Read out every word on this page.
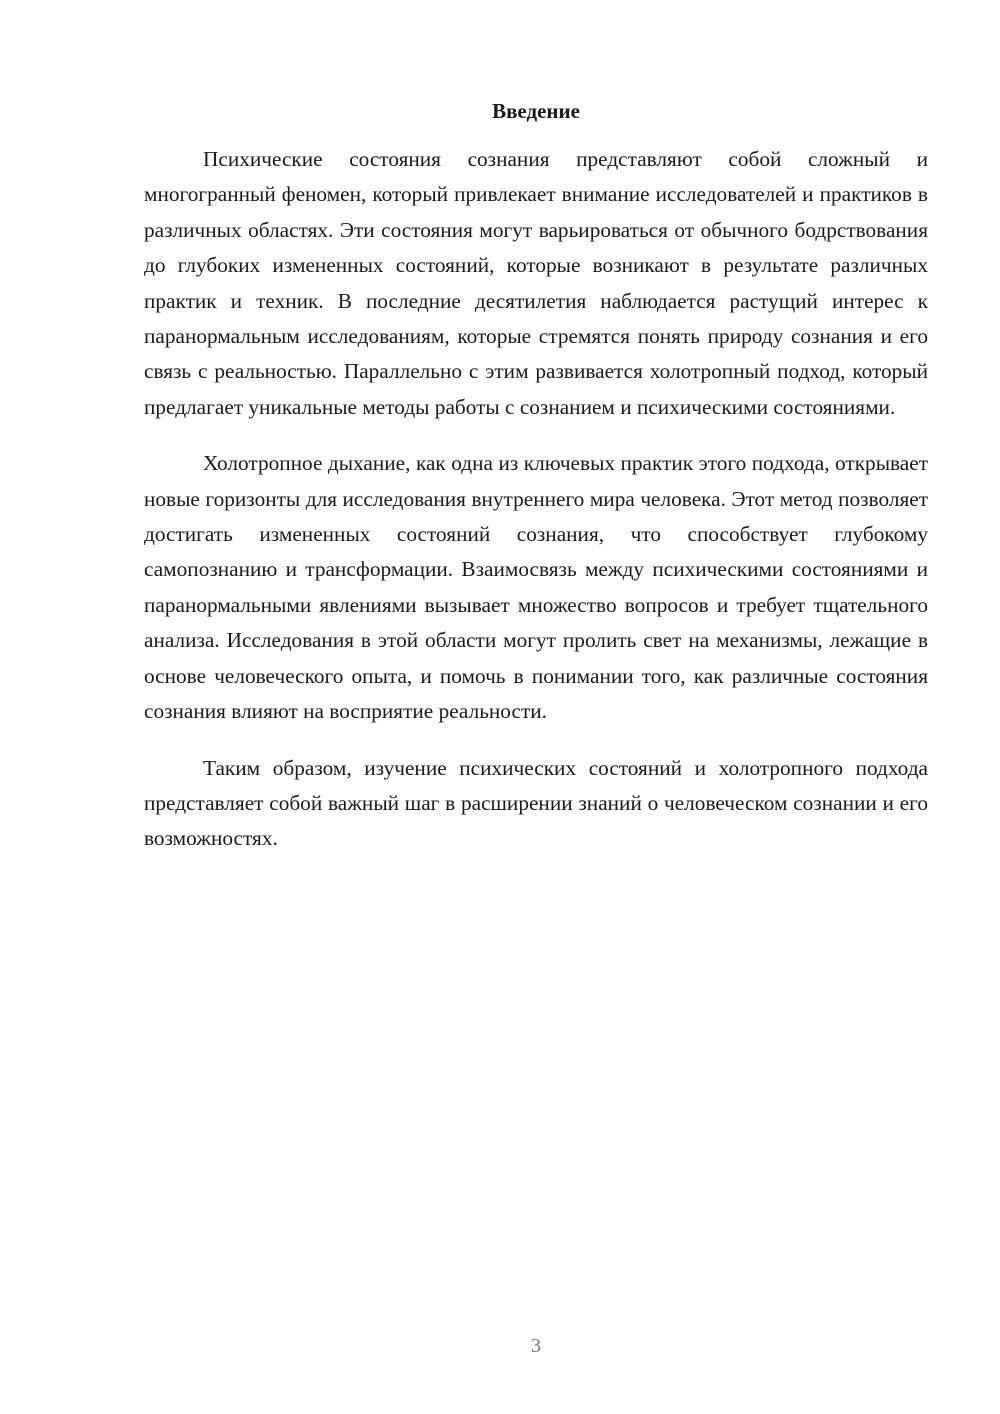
Введение

Психические состояния сознания представляют собой сложный и многогранный феномен, который привлекает внимание исследователей и практиков в различных областях. Эти состояния могут варьироваться от обычного бодрствования до глубоких измененных состояний, которые возникают в результате различных практик и техник. В последние десятилетия наблюдается растущий интерес к паранормальным исследованиям, которые стремятся понять природу сознания и его связь с реальностью. Параллельно с этим развивается холотропный подход, который предлагает уникальные методы работы с сознанием и психическими состояниями.

Холотропное дыхание, как одна из ключевых практик этого подхода, открывает новые горизонты для исследования внутреннего мира человека. Этот метод позволяет достигать измененных состояний сознания, что способствует глубокому самопознанию и трансформации. Взаимосвязь между психическими состояниями и паранормальными явлениями вызывает множество вопросов и требует тщательного анализа. Исследования в этой области могут пролить свет на механизмы, лежащие в основе человеческого опыта, и помочь в понимании того, как различные состояния сознания влияют на восприятие реальности.

Таким образом, изучение психических состояний и холотропного подхода представляет собой важный шаг в расширении знаний о человеческом сознании и его возможностях.

3
